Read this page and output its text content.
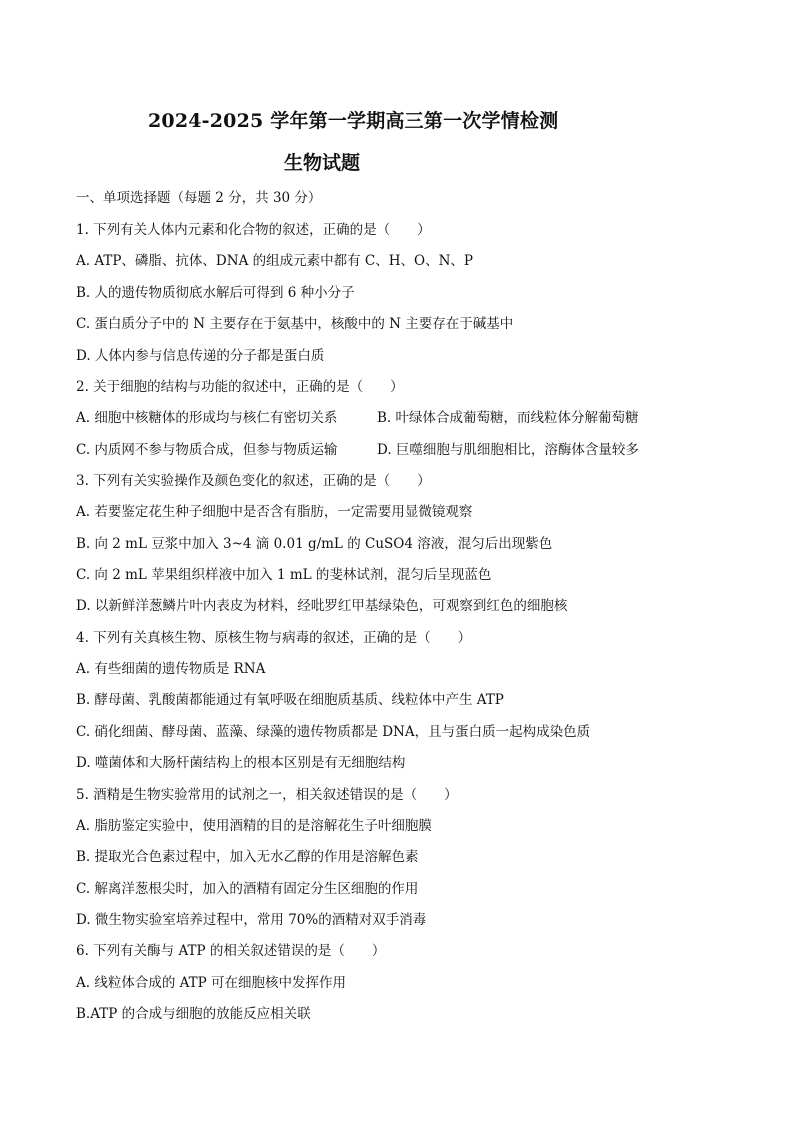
2024-2025 学年第一学期高三第一次学情检测
生物试题
一、单项选择题（每题 2 分，共 30 分）
1. 下列有关人体内元素和化合物的叙述，正确的是（　　）
A. ATP、磷脂、抗体、DNA 的组成元素中都有 C、H、O、N、P
B. 人的遗传物质彻底水解后可得到 6 种小分子
C. 蛋白质分子中的 N 主要存在于氨基中，核酸中的 N 主要存在于碱基中
D. 人体内参与信息传递的分子都是蛋白质
2. 关于细胞的结构与功能的叙述中，正确的是（　　）
A. 细胞中核糖体的形成均与核仁有密切关系	B. 叶绿体合成葡萄糖，而线粒体分解葡萄糖
C. 内质网不参与物质合成，但参与物质运输	D. 巨噬细胞与肌细胞相比，溶酶体含量较多
3. 下列有关实验操作及颜色变化的叙述，正确的是（　　）
A. 若要鉴定花生种子细胞中是否含有脂肪，一定需要用显微镜观察
B. 向 2 mL 豆浆中加入 3~4 滴 0.01 g/mL 的 CuSO4 溶液，混匀后出现紫色
C. 向 2 mL 苹果组织样液中加入 1 mL 的斐林试剂，混匀后呈现蓝色
D. 以新鲜洋葱鳞片叶内表皮为材料，经吡罗红甲基绿染色，可观察到红色的细胞核
4. 下列有关真核生物、原核生物与病毒的叙述，正确的是（　　）
A. 有些细菌的遗传物质是 RNA
B. 酵母菌、乳酸菌都能通过有氧呼吸在细胞质基质、线粒体中产生 ATP
C. 硝化细菌、酵母菌、蓝藻、绿藻的遗传物质都是 DNA，且与蛋白质一起构成染色质
D. 噬菌体和大肠杆菌结构上的根本区别是有无细胞结构
5. 酒精是生物实验常用的试剂之一，相关叙述错误的是（　　）
A. 脂肪鉴定实验中，使用酒精的目的是溶解花生子叶细胞膜
B. 提取光合色素过程中，加入无水乙醇的作用是溶解色素
C. 解离洋葱根尖时，加入的酒精有固定分生区细胞的作用
D. 微生物实验室培养过程中，常用 70%的酒精对双手消毒
6. 下列有关酶与 ATP 的相关叙述错误的是（　　）
A. 线粒体合成的 ATP 可在细胞核中发挥作用
B.ATP 的合成与细胞的放能反应相关联
